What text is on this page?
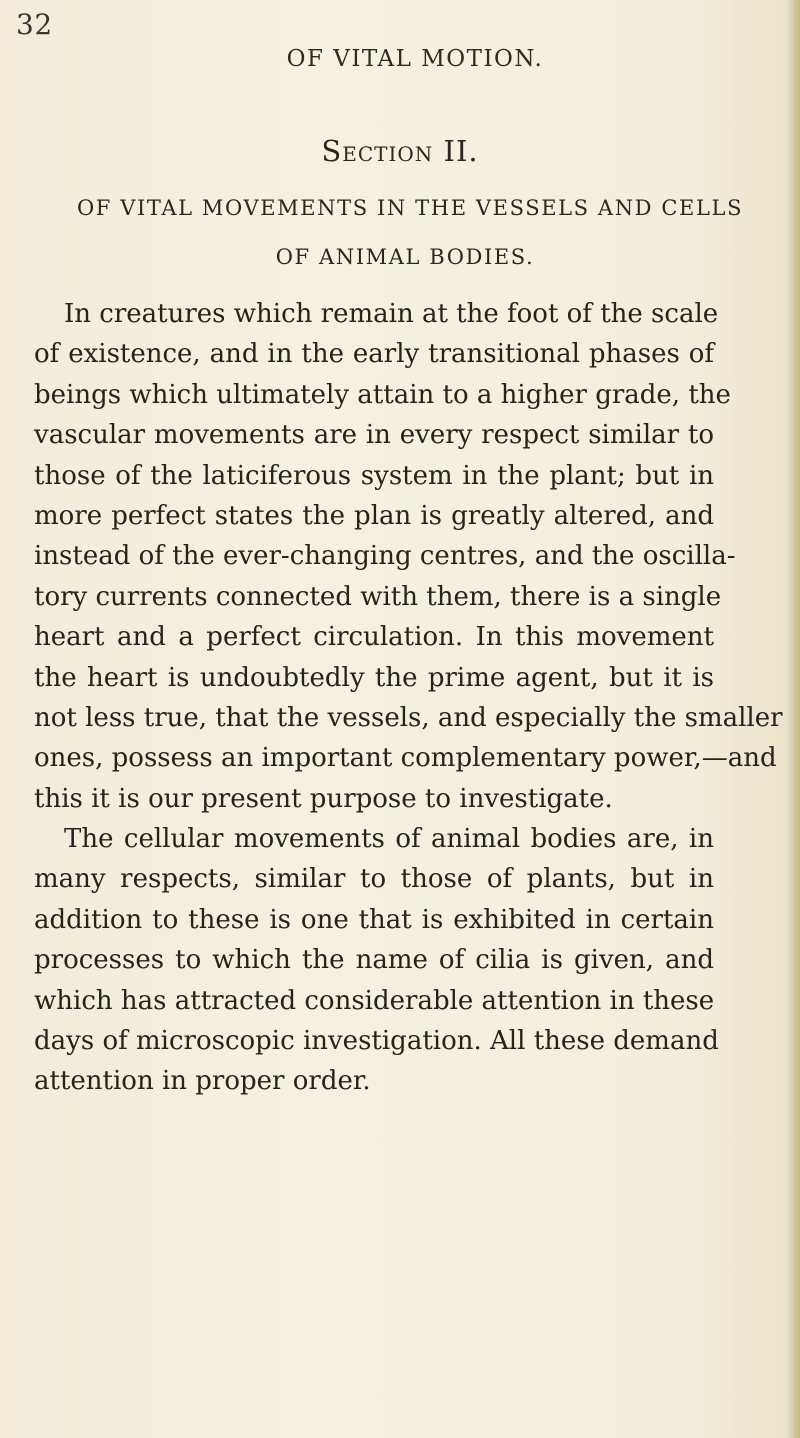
32
OF VITAL MOTION.
Section II.
OF VITAL MOVEMENTS IN THE VESSELS AND CELLS
OF ANIMAL BODIES.
In creatures which remain at the foot of the scale
of existence, and in the early transitional phases of
beings which ultimately attain to a higher grade, the
vascular movements are in every respect similar to
those of the laticiferous system in the plant; but in
more perfect states the plan is greatly altered, and
instead of the ever-changing centres, and the oscilla-
tory currents connected with them, there is a single
heart and a perfect circulation. In this movement
the heart is undoubtedly the prime agent, but it is
not less true, that the vessels, and especially the smaller
ones, possess an important complementary power,—and
this it is our present purpose to investigate.
The cellular movements of animal bodies are, in
many respects, similar to those of plants, but in
addition to these is one that is exhibited in certain
processes to which the name of cilia is given, and
which has attracted considerable attention in these
days of microscopic investigation. All these demand
attention in proper order.
